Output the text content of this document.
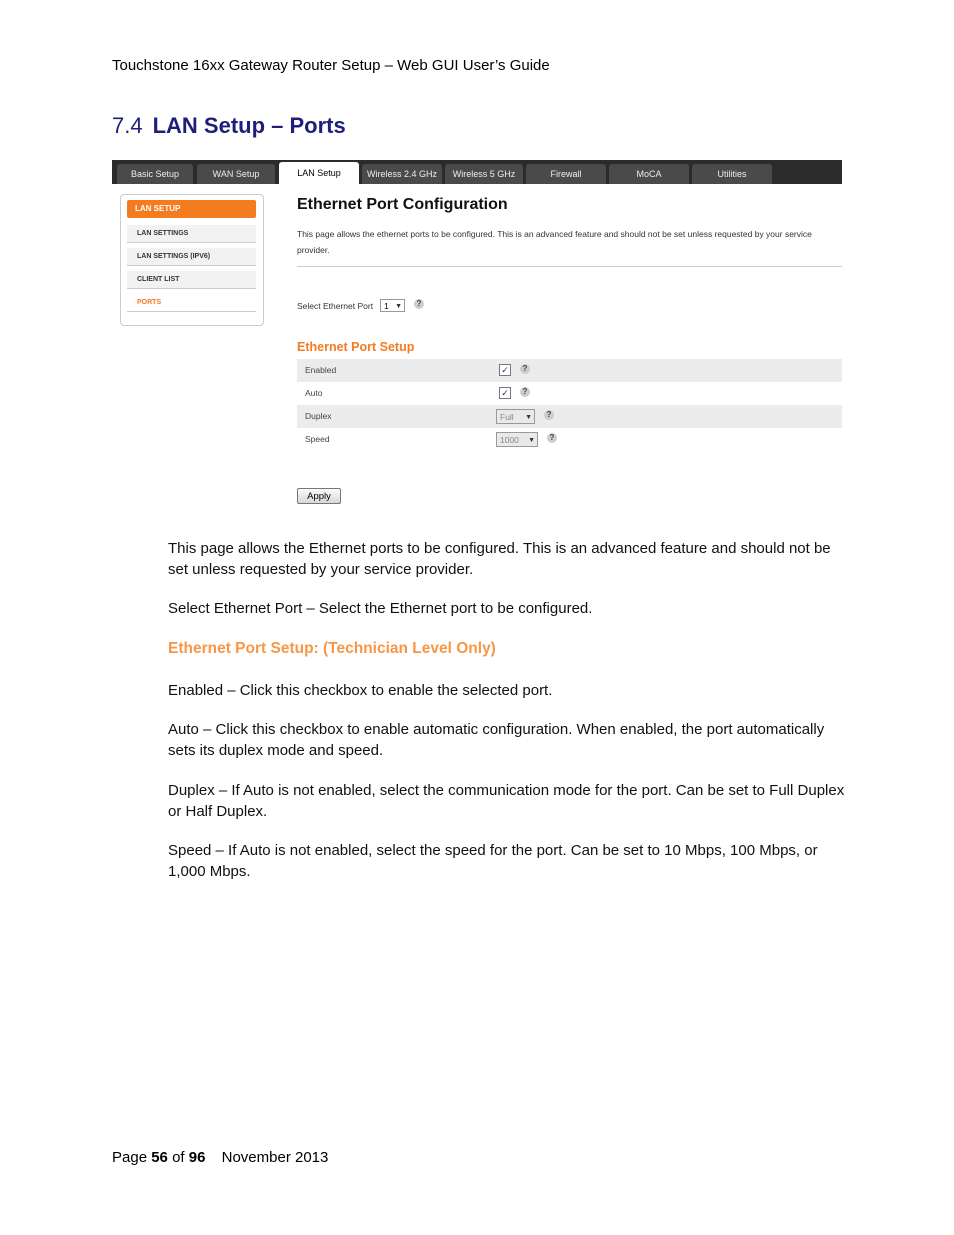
Touchstone 16xx Gateway Router Setup – Web GUI User’s Guide
7.4 LAN Setup – Ports
Basic Setup	WAN Setup	LAN Setup	Wireless 2.4 GHz	Wireless 5 GHz	Firewall	MoCA	Utilities
LAN SETUP
LAN SETTINGS
LAN SETTINGS (IPV6)
CLIENT LIST
PORTS
Ethernet Port Configuration
This page allows the ethernet ports to be configured. This is an advanced feature and should not be set unless requested by your service provider.
Select Ethernet Port	1 ▼	?
Ethernet Port Setup
Enabled	✓	?
Auto	✓	?
Duplex	Full ▼	?
Speed	1000 ▼	?
Apply
This page allows the Ethernet ports to be configured. This is an advanced feature and should not be set unless requested by your service provider.
Select Ethernet Port – Select the Ethernet port to be configured.
Ethernet Port Setup: (Technician Level Only)
Enabled – Click this checkbox to enable the selected port.
Auto – Click this checkbox to enable automatic configuration. When enabled, the port automatically sets its duplex mode and speed.
Duplex – If Auto is not enabled, select the communication mode for the port. Can be set to Full Duplex or Half Duplex.
Speed – If Auto is not enabled, select the speed for the port. Can be set to 10 Mbps, 100 Mbps, or 1,000 Mbps.
Page 56 of 96 November 2013
